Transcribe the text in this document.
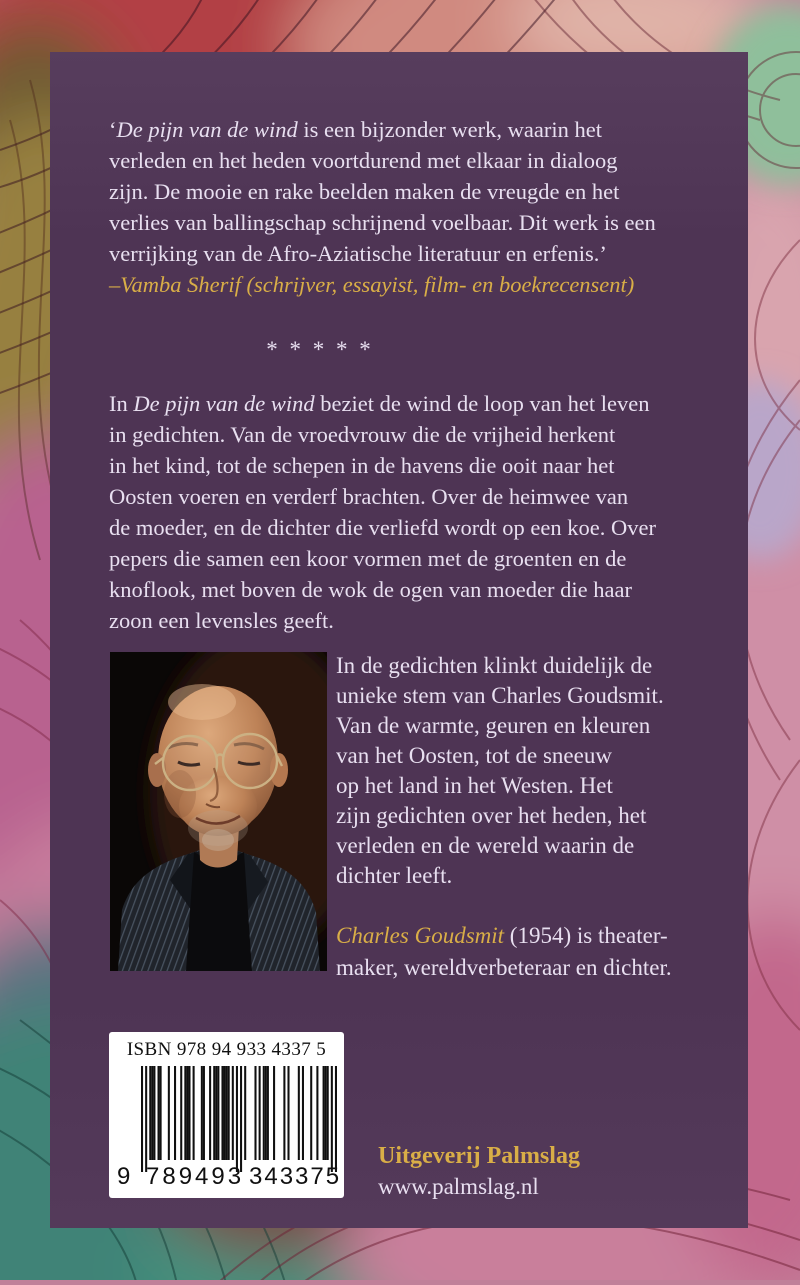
‘De pijn van de wind is een bijzonder werk, waarin het
verleden en het heden voortdurend met elkaar in dialoog
zijn. De mooie en rake beelden maken de vreugde en het
verlies van ballingschap schrijnend voelbaar. Dit werk is een
verrijking van de Afro-Aziatische literatuur en erfenis.’
–Vamba Sherif (schrijver, essayist, film- en boekrecensent)
* * * * *
In De pijn van de wind beziet de wind de loop van het leven
in gedichten. Van de vroedvrouw die de vrijheid herkent
in het kind, tot de schepen in de havens die ooit naar het
Oosten voeren en verderf brachten. Over de heimwee van
de moeder, en de dichter die verliefd wordt op een koe. Over
pepers die samen een koor vormen met de groenten en de
knoflook, met boven de wok de ogen van moeder die haar
zoon een levensles geeft.
In de gedichten klinkt duidelijk de
unieke stem van Charles Goudsmit.
Van de warmte, geuren en kleuren
van het Oosten, tot de sneeuw
op het land in het Westen. Het
zijn gedichten over het heden, het
verleden en de wereld waarin de
dichter leeft.
Charles Goudsmit (1954) is theater-
maker, wereldverbeteraar en dichter.
ISBN 978 94 933 4337 5
9 789493 343375
Uitgeverij Palmslag
www.palmslag.nl
